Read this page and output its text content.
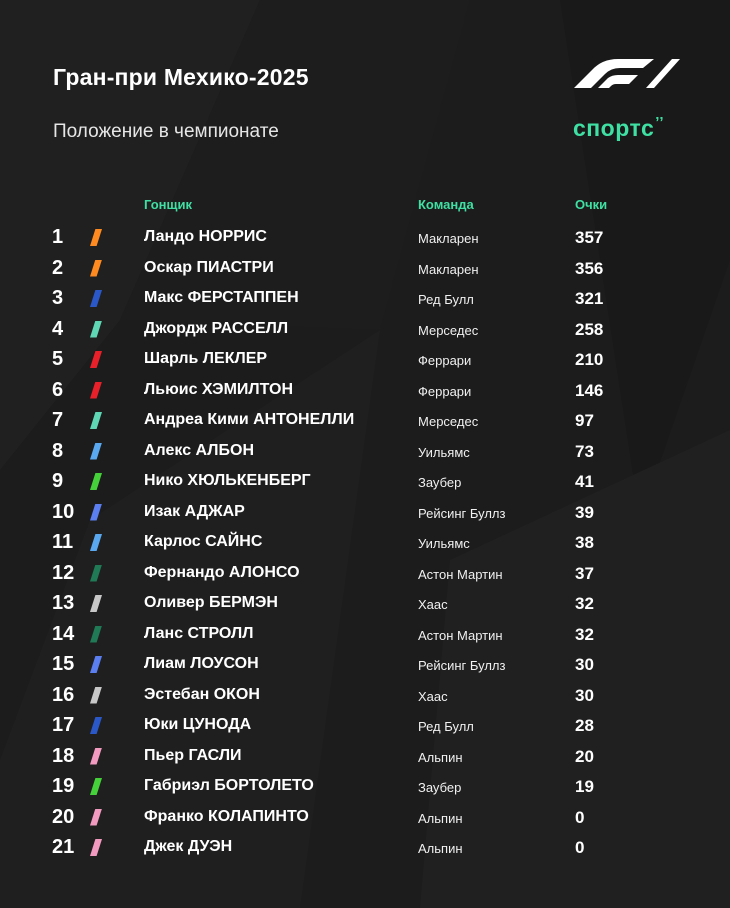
Гран-при Мехико-2025
Положение в чемпионате	спортс’’
Гонщик	Команда	Очки
1	Ландо НОРРИС	Макларен	357
2	Оскар ПИАСТРИ	Макларен	356
3	Макс ФЕРСТАППЕН	Ред Булл	321
4	Джордж РАССЕЛЛ	Мерседес	258
5	Шарль ЛЕКЛЕР	Феррари	210
6	Льюис ХЭМИЛТОН	Феррари	146
7	Андреа Кими АНТОНЕЛЛИ	Мерседес	97
8	Алекс АЛБОН	Уильямс	73
9	Нико ХЮЛЬКЕНБЕРГ	Заубер	41
10	Изак АДЖАР	Рейсинг Буллз	39
11	Карлос САЙНС	Уильямс	38
12	Фернандо АЛОНСО	Астон Мартин	37
13	Оливер БЕРМЭН	Хаас	32
14	Ланс СТРОЛЛ	Астон Мартин	32
15	Лиам ЛОУСОН	Рейсинг Буллз	30
16	Эстебан ОКОН	Хаас	30
17	Юки ЦУНОДА	Ред Булл	28
18	Пьер ГАСЛИ	Альпин	20
19	Габриэл БОРТОЛЕТО	Заубер	19
20	Франко КОЛАПИНТО	Альпин	0
21	Джек ДУЭН	Альпин	0
